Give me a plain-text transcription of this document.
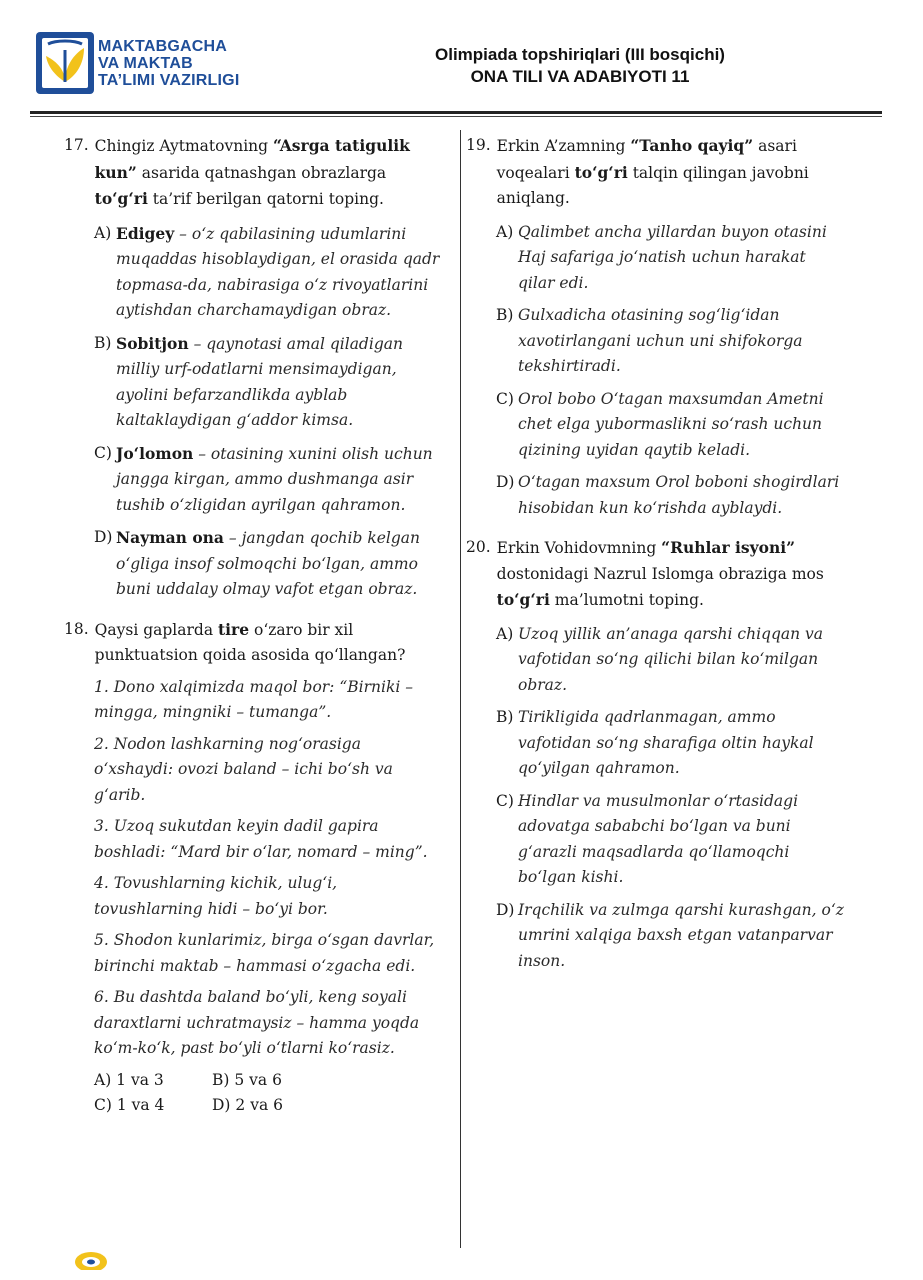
MAKTABGACHA
VA MAKTAB
TA’LIMI VAZIRLIGI
Olimpiada topshiriqlari (III bosqichi)
ONA TILI VA ADABIYOTI 11
17. Chingiz Aytmatovning “Asrga tatigulik kun” asarida qatnashgan obrazlarga to‘g‘ri ta’rif berilgan qatorni toping.
A) Edigey – o‘z qabilasining udumlarini muqaddas hisoblaydigan, el orasida qadr topmasa-da, nabirasiga o‘z rivoyatlarini aytishdan charchamaydigan obraz.
B) Sobitjon – qaynotasi amal qiladigan milliy urf-odatlarni mensimaydigan, ayolini befarzandlikda ayblab kaltaklaydigan g‘addor kimsa.
C) Jo‘lomon – otasining xunini olish uchun jangga kirgan, ammo dushmanga asir tushib o‘zligidan ayrilgan qahramon.
D) Nayman ona – jangdan qochib kelgan o‘gliga insof solmoqchi bo‘lgan, ammo buni uddalay olmay vafot etgan obraz.
18. Qaysi gaplarda tire o‘zaro bir xil punktuatsion qoida asosida qo‘llangan?
1. Dono xalqimizda maqol bor: “Birniki – mingga, mingniki – tumanga”.
2. Nodon lashkarning nog‘orasiga o‘xshaydi: ovozi baland – ichi bo‘sh va g‘arib.
3. Uzoq sukutdan keyin dadil gapira boshladi: “Mard bir o‘lar, nomard – ming”.
4. Tovushlarning kichik, ulug‘i, tovushlarning hidi – bo‘yi bor.
5. Shodon kunlarimiz, birga o‘sgan davrlar, birinchi maktab – hammasi o‘zgacha edi.
6. Bu dashtda baland bo‘yli, keng soyali daraxtlarni uchratmaysiz – hamma yoqda ko‘m-ko‘k, past bo‘yli o‘tlarni ko‘rasiz.
A) 1 va 3	B) 5 va 6
C) 1 va 4	D) 2 va 6
19. Erkin A’zamning “Tanho qayiq” asari voqealari to‘g‘ri talqin qilingan javobni aniqlang.
A) Qalimbet ancha yillardan buyon otasini Haj safariga jo‘natish uchun harakat qilar edi.
B) Gulxadicha otasining sog‘lig‘idan xavotirlangani uchun uni shifokorga tekshirtiradi.
C) Orol bobo O‘tagan maxsumdan Ametni chet elga yubormaslikni so‘rash uchun qizining uyidan qaytib keladi.
D) O‘tagan maxsum Orol boboni shogirdlari hisobidan kun ko‘rishda ayblaydi.
20. Erkin Vohidovmning “Ruhlar isyoni” dostonidagi Nazrul Islomga obraziga mos to‘g‘ri ma’lumotni toping.
A) Uzoq yillik an’anaga qarshi chiqqan va vafotidan so‘ng qilichi bilan ko‘milgan obraz.
B) Tirikligida qadrlanmagan, ammo vafotidan so‘ng sharafiga oltin haykal qo‘yilgan qahramon.
C) Hindlar va musulmonlar o‘rtasidagi adovatga sababchi bo‘lgan va buni g‘arazli maqsadlarda qo‘llamoqchi bo‘lgan kishi.
D) Irqchilik va zulmga qarshi kurashgan, o‘z umrini xalqiga baxsh etgan vatanparvar inson.
